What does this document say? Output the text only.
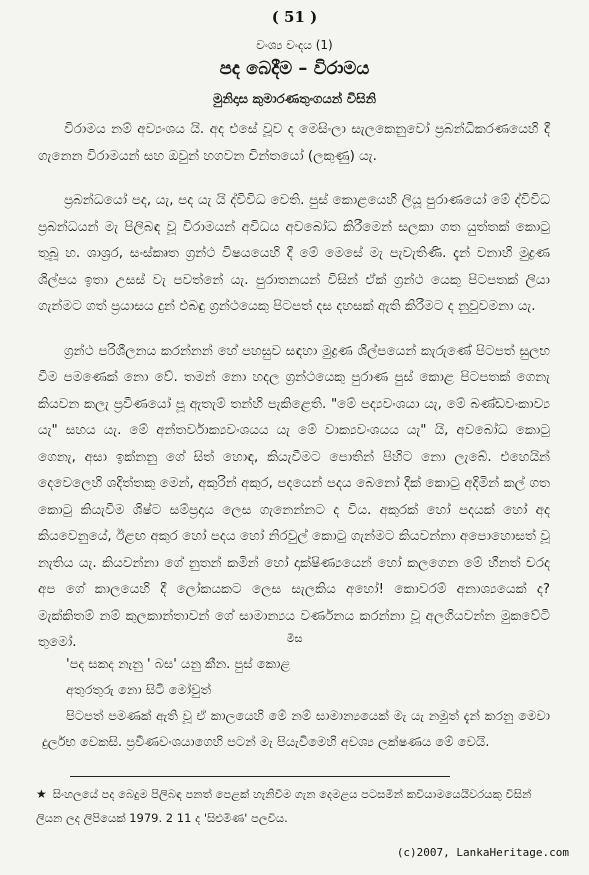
( 51 )
වංශ්‍ය වංදය (1)
පද බෙදීම – විරාමය
මුනිදාස කුමාරණතුංගයන් විසිනි

විරාමය නම් අව්‍යංශය යි. අද එසේ වූව ද මෙසිංලා සැලකෙනුවෝ ප්‍රබන්ධිකරණයෙහි දී ගැනෙන විරාමයන් සහ ඔවුන් හගවන චින්තයෝ (ලකුණු) යැ.

ප්‍රබන්ධයෝ පද, යැ, පද යැ යි ද්විවිධ වෙති. පුස් කොළයෙහි ලියූ පුරාණයෝ මේ ද්විවිධ ප්‍රබන්ධයන් මැ පිලිබඳ වූ විරාමයන් අවිධය අවබෝධ කිරීමෙන් සලකා ගත යුත්තක් කොටු තුබූ හ. ශාශ්‍රර, සංස්කෘත ග්‍රන්ථ විෂයයෙහි දී මේ මෙසේ මැ පැවැතිණි. දැන් වනාහි මුද්‍රණ ශිල්පය ඉතා උසස් වැ පවත්නේ යැ. පුරාතනයන් විසින් ඒක් ග්‍රන්ථ යෙකු පිටපතක් ලියා ගැන්මට ගත් ප්‍රයාසය දුන් ඵබඳු ග්‍රන්ථයෙකු පිටපත් දස දහසක් ඇති කිරීමට ද නුවුවමනා යැ.

ග්‍රන්ථ පරිශීලනය කරන්නන් හේ පහසුව සඳහා මුද්‍රණ ශිල්පයෙන් කැරුණේ පිටපත් සුලභ වීම පමණෙක් නො වේ. තමන් නො හදල ග්‍රන්ථයෙකු පුරාණ පුස් කොළ පිටපතක් ගෙනැ කියවන කලැ ප්‍රවීණයෝ පූ ඇතැම් තන්හි පැකිළෙති. "මේ පද්‍යවංශයා යැ, මේ බණ්ඩවංකාව්‍ය යැ" සහය යැ. මේ අන්තර්වාක්‍යවංශයය යැ මේ වාක්‍යවංශයය යැ" යි, අවබෝධ කොටු ගෙනැ, අසා ඉක්නනු ගේ සිත් හොඳ, කියැවීමට පොතින් පිහිට නො ලැබේ. එහෙයින් දෙවෙලෙහි ශදිත්තකු මෙන්, අකුරින් අකුර, පදයෙන් පදය බෙනෝ දීක් කොටු අදිමින් කල් ගත කොටු කියැවීම ශිෂ්ට සම්ප්‍රදාය ලෙස ගැනෙන්නට ද විය. අකුරක් හෝ පදයක් හෝ අද කියවෙනුයේ, ඊළඟ අකුර හෝ පදය හෝ නිරවුල් කොටු ගැන්මට කියවන්නා අපොහොසත් වූ නැතිය යැ. කියවන්නා ගේ නුතන් කමින් හෝ දාක්ෂිණ්‍යයෙන් හෝ කලගෙන මේ හීනත් චරද අප ගේ කාලයෙහි දී ලෝකයකට ලෙස සැලකිය අහෝ! කොවරම් අනාශ්‍යයෙක් ද? මැක්කිතම් නම් කුලකාන්තාවන් ගේ සාමාන්‍යය වර්ණනය කරන්නා වූ අලගියවන්න මුකවේටි තුමෝ.	මිස

'පද සකද නැනු ' බස' යනු කීන. පුස් කොළ

අතුරතුරු නො සිටි මෝවුත්

පිටපත් පමණක් ඇති වූ ඒ කාලයෙහි මේ නම් සාමාන්‍යයෙක් මැ යැ නමුත් දැන් කරනු මෙවා දුර්ලභ වෙකසි. ප්‍රවීණවංශයාගෙහි පටන් මැ පියැවිමෙහි අවශ්‍ය ලක්ෂණය මේ වෙයි.

★ සිංහලයේ පද බෙදුම පිලිබඳ පනත් පෙළක් හැනිවීම ගැන දෙමළය පටසමින් කවියාමයෙයිවරයකු විසින් ලියන ලද ලිපියෙක් 1979. 2 11 ද 'සිළුමිණ' පලවිය.
(c)2007, LankaHeritage.com
